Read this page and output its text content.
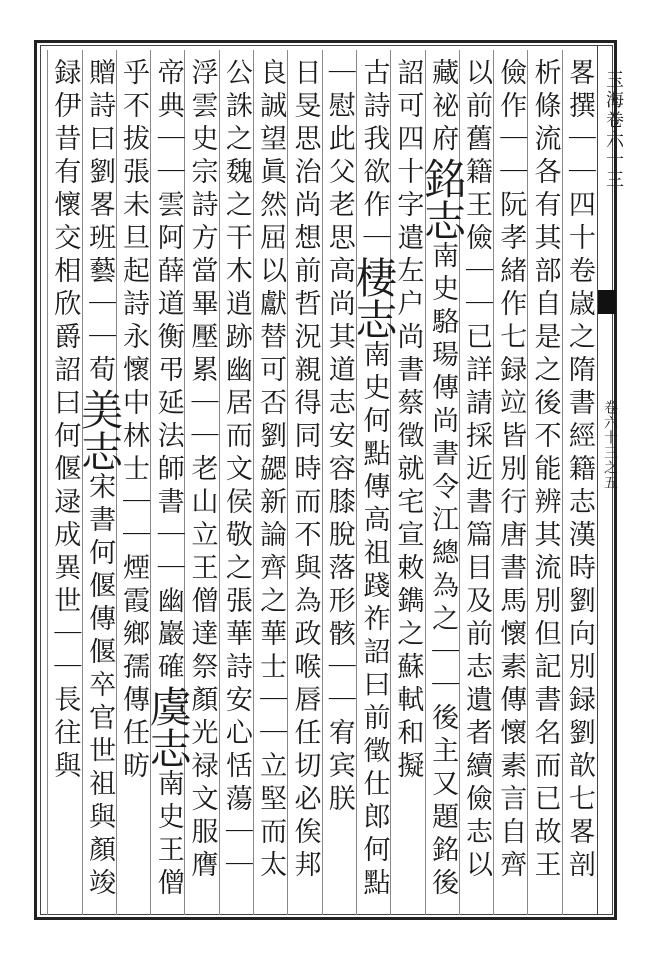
畧撰｜｜四十卷𡻕之隋書經籍志漢時劉向別録劉歆七畧剖
析條流各有其部自是之後不能辨其流別但記書名而已故王
儉作｜｜阮孝緒作七録竝皆別行唐書馬懷素傳懷素言自齊
以前舊籍王儉｜｜已詳請採近書篇目及前志遺者續儉志以
藏祕府銘志南史駱瑒傳尚書令江總為之｜｜後主又題銘後
詔可四十字遣左户尚書蔡徵就宅宣敕鐫之蘇軾和擬
古詩我欲作｜棲志南史何點傳高祖踐祚詔曰前徵仕郎何點
｜慰此父老思高尚其道志安容膝脫落形骸｜｜宥宾朕
日旻思治尚想前哲況親得同時而不與為政喉唇任切必俟邦
良誠望眞然屈以獻替可否劉勰新論齊之華士｜｜立堅而太
公誅之魏之干木逍跡幽居而文侯敬之張華詩安心恬蕩｜｜
浮雲史宗詩方當畢壓累｜｜老山立王僧達祭顏光禄文服膺
帝典｜｜雲阿薛道衡弔延法師書｜｜幽巖確虞志南史王僧
乎不拔張未旦起詩永懷中林士｜｜煙霞鄉孺傳任昉
贈詩曰劉畧班藝｜｜荀美志宋書何偃傳偃卒官世祖與顏竣
録伊昔有懷交相欣爵詔曰何偃逯成異世｜｜長往與
玉海卷六十三
卷六十三之五
